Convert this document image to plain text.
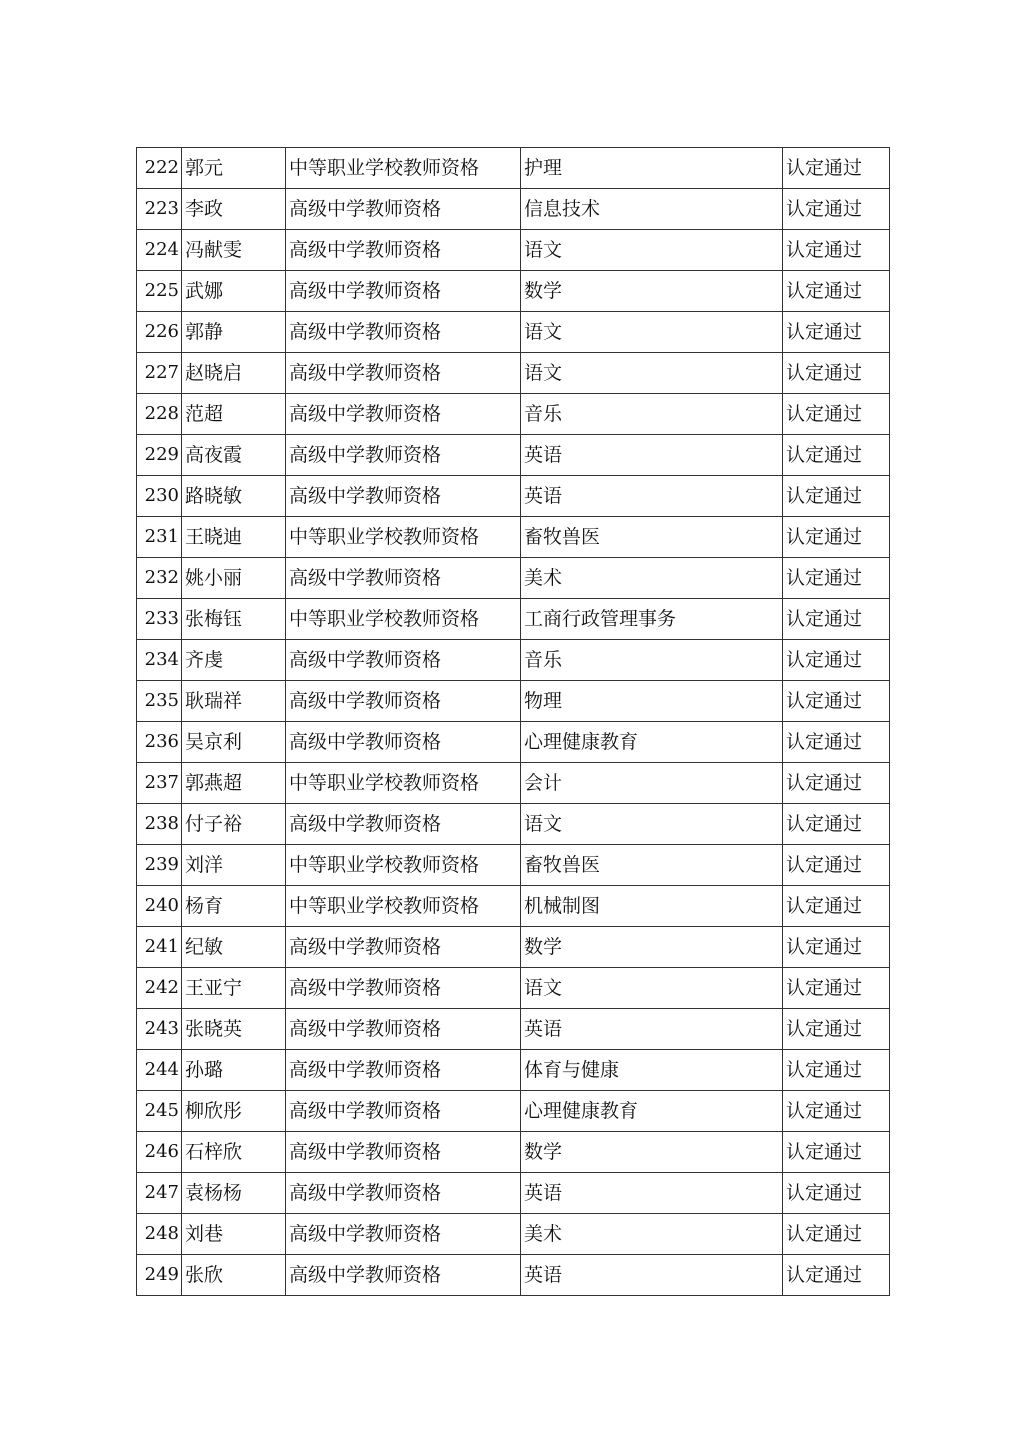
222	郭元	中等职业学校教师资格	护理	认定通过
223	李政	高级中学教师资格	信息技术	认定通过
224	冯献雯	高级中学教师资格	语文	认定通过
225	武娜	高级中学教师资格	数学	认定通过
226	郭静	高级中学教师资格	语文	认定通过
227	赵晓启	高级中学教师资格	语文	认定通过
228	范超	高级中学教师资格	音乐	认定通过
229	高夜霞	高级中学教师资格	英语	认定通过
230	路晓敏	高级中学教师资格	英语	认定通过
231	王晓迪	中等职业学校教师资格	畜牧兽医	认定通过
232	姚小丽	高级中学教师资格	美术	认定通过
233	张梅钰	中等职业学校教师资格	工商行政管理事务	认定通过
234	齐虔	高级中学教师资格	音乐	认定通过
235	耿瑞祥	高级中学教师资格	物理	认定通过
236	吴京利	高级中学教师资格	心理健康教育	认定通过
237	郭燕超	中等职业学校教师资格	会计	认定通过
238	付子裕	高级中学教师资格	语文	认定通过
239	刘洋	中等职业学校教师资格	畜牧兽医	认定通过
240	杨育	中等职业学校教师资格	机械制图	认定通过
241	纪敏	高级中学教师资格	数学	认定通过
242	王亚宁	高级中学教师资格	语文	认定通过
243	张晓英	高级中学教师资格	英语	认定通过
244	孙璐	高级中学教师资格	体育与健康	认定通过
245	柳欣彤	高级中学教师资格	心理健康教育	认定通过
246	石梓欣	高级中学教师资格	数学	认定通过
247	袁杨杨	高级中学教师资格	英语	认定通过
248	刘巷	高级中学教师资格	美术	认定通过
249	张欣	高级中学教师资格	英语	认定通过
